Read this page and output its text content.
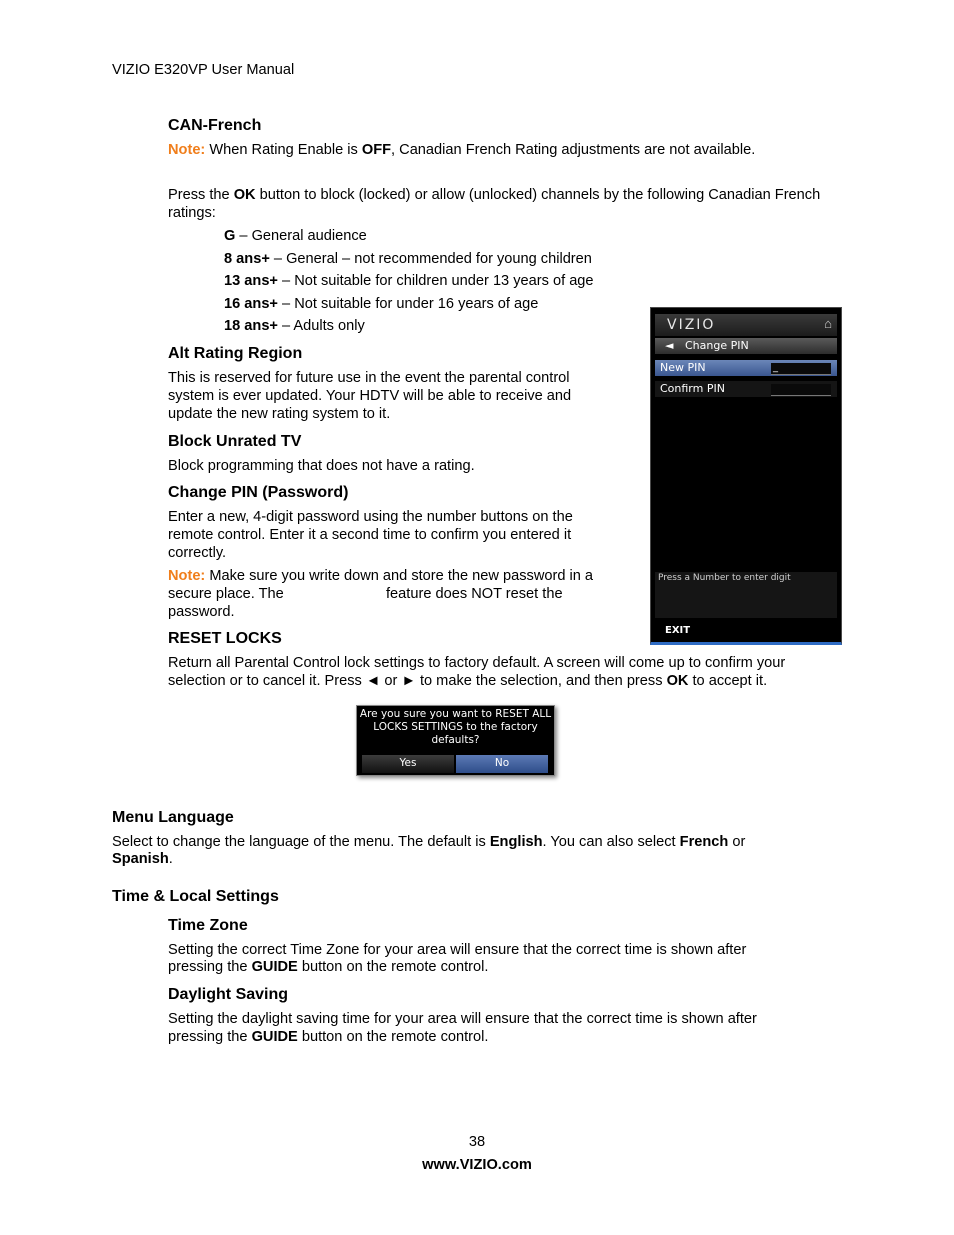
VIZIO E320VP User Manual
CAN-French
Note: When Rating Enable is OFF, Canadian French Rating adjustments are not available.
Press the OK button to block (locked) or allow (unlocked) channels by the following Canadian French ratings:
G – General audience
8 ans+ – General – not recommended for young children
13 ans+ – Not suitable for children under 13 years of age
16 ans+ – Not suitable for under 16 years of age
18 ans+ – Adults only
Alt Rating Region
This is reserved for future use in the event the parental control
system is ever updated. Your HDTV will be able to receive and
update the new rating system to it.
Block Unrated TV
Block programming that does not have a rating.
Change PIN (Password)
Enter a new, 4-digit password using the number buttons on the
remote control. Enter it a second time to confirm you entered it
correctly.
Note: Make sure you write down and store the new password in a
secure place. The	feature does NOT reset the
password.
RESET LOCKS
Return all Parental Control lock settings to factory default. A screen will come up to confirm your
selection or to cancel it. Press ◄ or ► to make the selection, and then press OK to accept it.
VIZIO	⌂
◄ Change PIN
New PIN	_
Confirm PIN
Press a Number to enter digit
EXIT
Are you sure you want to RESET ALL
LOCKS SETTINGS to the factory
defaults?
Yes	No
Menu Language
Select to change the language of the menu. The default is English. You can also select French or
Spanish.
Time & Local Settings
Time Zone
Setting the correct Time Zone for your area will ensure that the correct time is shown after
pressing the GUIDE button on the remote control.
Daylight Saving
Setting the daylight saving time for your area will ensure that the correct time is shown after
pressing the GUIDE button on the remote control.
38
www.VIZIO.com
